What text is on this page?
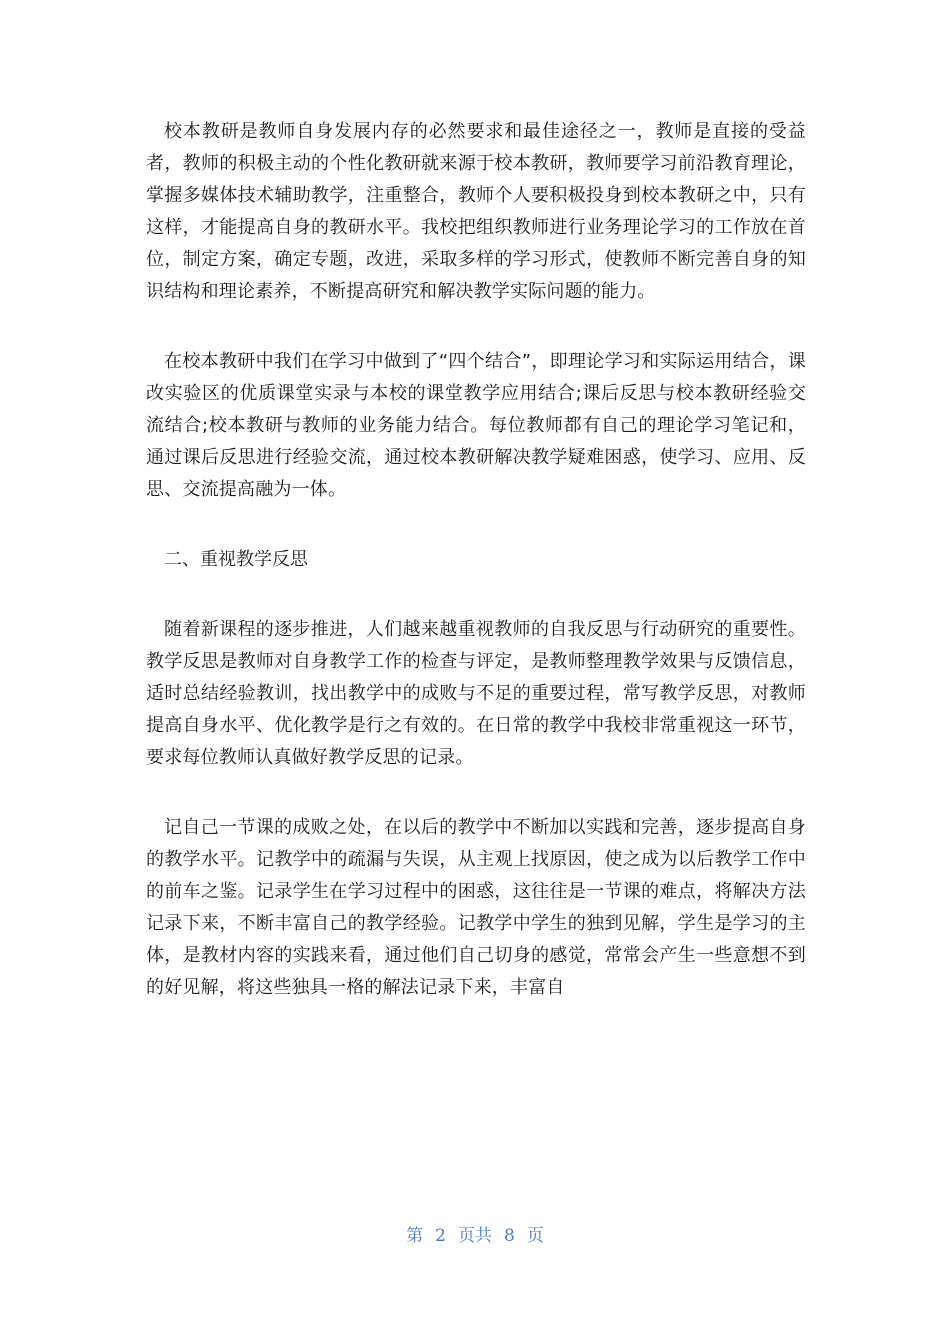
校本教研是教师自身发展内存的必然要求和最佳途径之一，教师是直接的受益者，教师的积极主动的个性化教研就来源于校本教研，教师要学习前沿教育理论，掌握多媒体技术辅助教学，注重整合，教师个人要积极投身到校本教研之中，只有这样，才能提高自身的教研水平。我校把组织教师进行业务理论学习的工作放在首位，制定方案，确定专题，改进，采取多样的学习形式，使教师不断完善自身的知识结构和理论素养，不断提高研究和解决教学实际问题的能力。

在校本教研中我们在学习中做到了“四个结合”，即理论学习和实际运用结合，课改实验区的优质课堂实录与本校的课堂教学应用结合;课后反思与校本教研经验交流结合;校本教研与教师的业务能力结合。每位教师都有自己的理论学习笔记和，通过课后反思进行经验交流，通过校本教研解决教学疑难困惑，使学习、应用、反思、交流提高融为一体。

二、重视教学反思

随着新课程的逐步推进，人们越来越重视教师的自我反思与行动研究的重要性。教学反思是教师对自身教学工作的检查与评定，是教师整理教学效果与反馈信息，适时总结经验教训，找出教学中的成败与不足的重要过程，常写教学反思，对教师提高自身水平、优化教学是行之有效的。在日常的教学中我校非常重视这一环节，要求每位教师认真做好教学反思的记录。

记自己一节课的成败之处，在以后的教学中不断加以实践和完善，逐步提高自身的教学水平。记教学中的疏漏与失误，从主观上找原因，使之成为以后教学工作中的前车之鉴。记录学生在学习过程中的困惑，这往往是一节课的难点，将解决方法记录下来，不断丰富自己的教学经验。记教学中学生的独到见解，学生是学习的主体，是教材内容的实践来看，通过他们自己切身的感觉，常常会产生一些意想不到的好见解，将这些独具一格的解法记录下来，丰富自

第 2 页共 8 页
